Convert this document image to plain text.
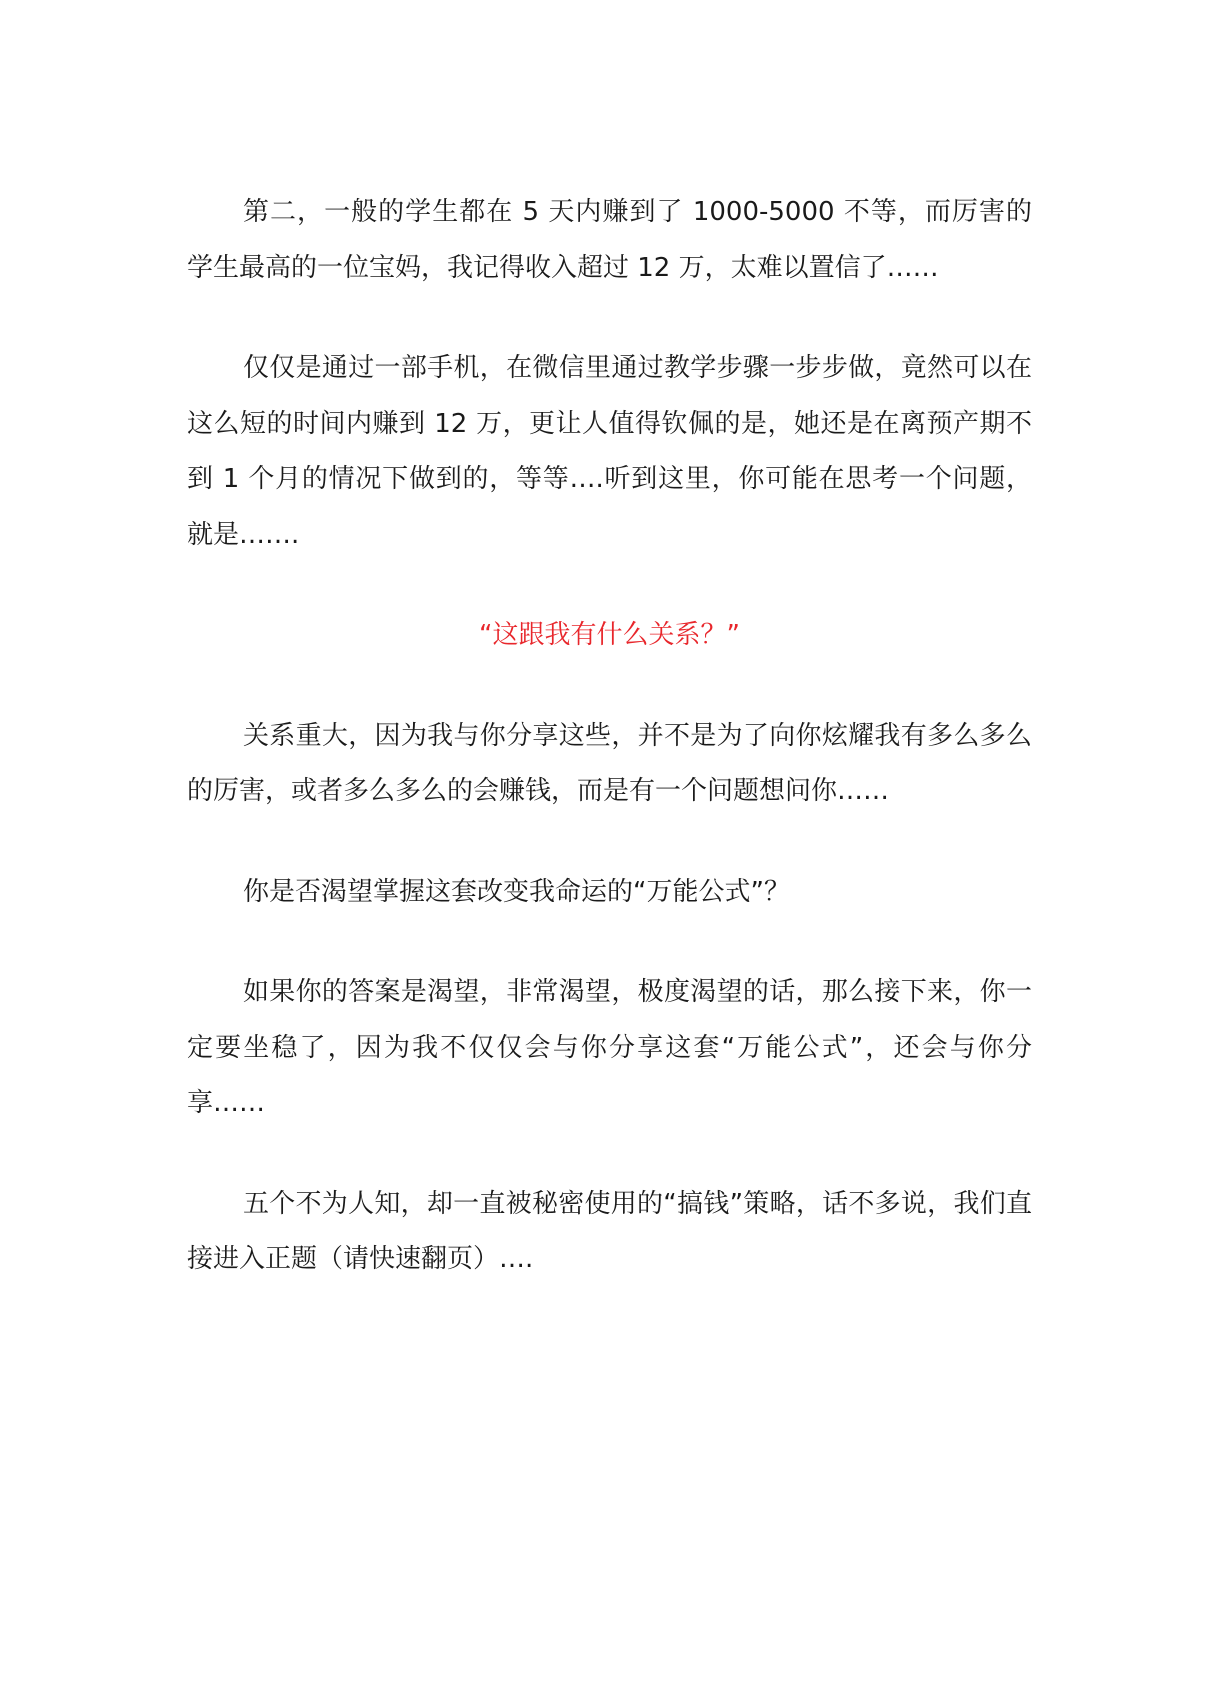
第二，一般的学生都在 5 天内赚到了 1000-5000 不等，而厉害的学生最高的一位宝妈，我记得收入超过 12 万，太难以置信了……

仅仅是通过一部手机，在微信里通过教学步骤一步步做，竟然可以在这么短的时间内赚到 12 万，更让人值得钦佩的是，她还是在离预产期不到 1 个月的情况下做到的，等等….听到这里，你可能在思考一个问题，就是…….

“这跟我有什么关系？”

关系重大，因为我与你分享这些，并不是为了向你炫耀我有多么多么的厉害，或者多么多么的会赚钱，而是有一个问题想问你……

你是否渴望掌握这套改变我命运的“万能公式”？

如果你的答案是渴望，非常渴望，极度渴望的话，那么接下来，你一定要坐稳了，因为我不仅仅会与你分享这套“万能公式”，还会与你分享……

五个不为人知，却一直被秘密使用的“搞钱”策略，话不多说，我们直接进入正题（请快速翻页）….
